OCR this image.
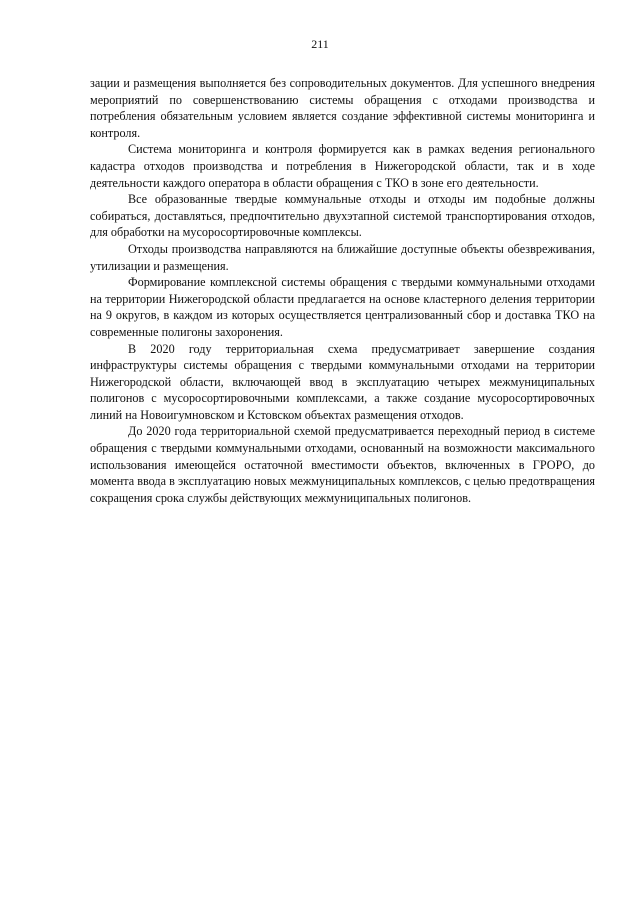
211

зации и размещения выполняется без сопроводительных документов. Для успешного внедрения мероприятий по совершенствованию системы обращения с отходами производства и потребления обязательным условием является создание эффективной системы мониторинга и контроля.

Система мониторинга и контроля формируется как в рамках ведения регионального кадастра отходов производства и потребления в Нижегородской области, так и в ходе деятельности каждого оператора в области обращения с ТКО в зоне его деятельности.

Все образованные твердые коммунальные отходы и отходы им подобные должны собираться, доставляться, предпочтительно двухэтапной системой транспортирования отходов, для обработки на мусоросортировочные комплексы.

Отходы производства направляются на ближайшие доступные объекты обезвреживания, утилизации и размещения.

Формирование комплексной системы обращения с твердыми коммунальными отходами на территории Нижегородской области предлагается на основе кластерного деления территории на 9 округов, в каждом из которых осуществляется централизованный сбор и доставка ТКО на современные полигоны захоронения.

В 2020 году территориальная схема предусматривает завершение создания инфраструктуры системы обращения с твердыми коммунальными отходами на территории Нижегородской области, включающей ввод в эксплуатацию четырех межмуниципальных полигонов с мусоросортировочными комплексами, а также создание мусоросортировочных линий на Новоигумновском и Кстовском объектах размещения отходов.

До 2020 года территориальной схемой предусматривается переходный период в системе обращения с твердыми коммунальными отходами, основанный на возможности максимального использования имеющейся остаточной вместимости объектов, включенных в ГРОРО, до момента ввода в эксплуатацию новых межмуниципальных комплексов, с целью предотвращения сокращения срока службы действующих межмуниципальных полигонов.
